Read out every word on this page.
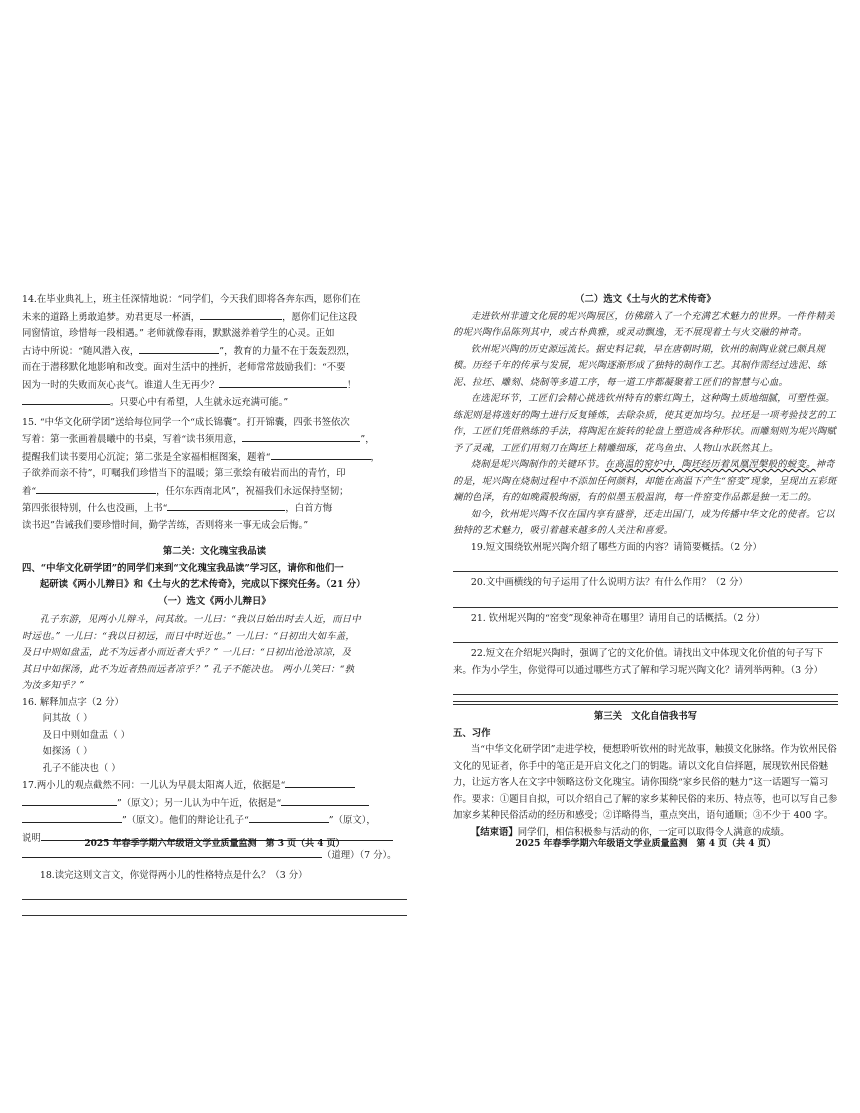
14.在毕业典礼上，班主任深情地说：“同学们，今天我们即将各奔东西，愿你们在

未来的道路上勇敢追梦。劝君更尽一杯酒，	，愿你们记住这段

同窗情谊，珍惜每一段相遇。” 老师就像春雨，默默滋养着学生的心灵。正如

古诗中所说：“随风潜入夜，	”，教育的力量不在于轰轰烈烈，

而在于潜移默化地影响和改变。面对生活中的挫折，老师常常鼓励我们：“不要

因为一时的失败而灰心丧气。谁道人生无再少？	！

。只要心中有希望，人生就永远充满可能。”

15. “中华文化研学团”送给每位同学一个“成长锦囊”。打开锦囊，四张书签依次

写着：第一张画着晨曦中的书桌，写着“读书须用意，	”，

提醒我们读书要用心沉淀；第二张是全家福相框图案，题着“	，

子欲养而亲不待”，叮嘱我们珍惜当下的温暖；第三张绘有破岩而出的青竹，印

着“	，任尔东西南北风”，祝福我们永远保持坚韧；

第四张很特别，什么也没画，上书“	，白首方悔

读书迟”告诫我们要珍惜时间，勤学苦练，否则将来一事无成会后悔。”

第二关：文化瑰宝我品读

四、“中华文化研学团”的同学们来到“文化瑰宝我品读”学习区，请你和他们一

起研读《两小儿辩日》和《土与火的艺术传奇》，完成以下探究任务。（21 分）

（一）选文《两小儿辩日》

孔子东游，见两小儿辩斗，问其故。一儿曰：“我以日始出时去人近，而日中

时远也。” 一儿曰：“我以日初远，而日中时近也。” 一儿曰：“日初出大如车盖，

及日中则如盘盂，此不为远者小而近者大乎？” 一儿曰：“日初出沧沧凉凉，及

其日中如探汤，此不为近者热而远者凉乎？” 孔子不能决也。 两小儿笑曰：“孰

为汝多知乎？”

16. 解释加点字（2 分）

问其故（ ）

及日中则如盘盂（ ）

如探汤（ ）

孔子不能决也（ ）

17.两小儿的观点截然不同：一儿认为早晨太阳离人近，依据是“

”（原文）；另一儿认为中午近，依据是“

”（原文）。他们的辩论让孔子“	”（原文），

说明

（道理）（7 分）。

18.读完这则文言文，你觉得两小儿的性格特点是什么？（3 分）

2025 年春季学期六年级语文学业质量监测　第 3 页（共 4 页）

（二）选文《土与火的艺术传奇》

走进钦州非遗文化展的坭兴陶展区，仿佛踏入了一个充满艺术魅力的世界。一件件精美的坭兴陶作品陈列其中，或古朴典雅，或灵动飘逸，无不展现着土与火交融的神奇。

钦州坭兴陶的历史源远流长。据史料记载，早在唐朝时期，钦州的制陶业就已颇具规模。历经千年的传承与发展，坭兴陶逐渐形成了独特的制作工艺。其制作需经过选泥、练泥、拉坯、雕刻、烧制等多道工序，每一道工序都凝聚着工匠们的智慧与心血。

在选泥环节，工匠们会精心挑选钦州特有的紫红陶土，这种陶土质地细腻，可塑性强。练泥则是将选好的陶土进行反复锤炼，去除杂质，使其更加均匀。拉坯是一项考验技艺的工作，工匠们凭借熟练的手法，将陶泥在旋转的轮盘上塑造成各种形状。而雕刻则为坭兴陶赋予了灵魂，工匠们用刻刀在陶坯上精雕细琢，花鸟鱼虫、人物山水跃然其上。

烧制是坭兴陶制作的关键环节。在高温的窑炉中，陶坯经历着凤凰涅槃般的蜕变。神奇的是，坭兴陶在烧制过程中不添加任何颜料，却能在高温下产生“窑变”现象，呈现出五彩斑斓的色泽，有的如晚霞般绚丽，有的似墨玉般温润，每一件窑变作品都是独一无二的。

如今，钦州坭兴陶不仅在国内享有盛誉，还走出国门，成为传播中华文化的使者。它以独特的艺术魅力，吸引着越来越多的人关注和喜爱。

19.短文围绕钦州坭兴陶介绍了哪些方面的内容？请简要概括。（2 分）

20.文中画横线的句子运用了什么说明方法？有什么作用？（2 分）

21. 钦州坭兴陶的“窑变”现象神奇在哪里？请用自己的话概括。（2 分）

22.短文在介绍坭兴陶时，强调了它的文化价值。请找出文中体现文化价值的句子写下来。作为小学生，你觉得可以通过哪些方式了解和学习坭兴陶文化？请列举两种。（3 分）

第三关　文化自信我书写

五、习作

当“中华文化研学团”走进学校，便想聆听钦州的时光故事，触摸文化脉络。作为钦州民俗文化的见证者，你手中的笔正是开启文化之门的钥匙。请以文化自信择题，展现钦州民俗魅力，让远方客人在文字中领略这份文化瑰宝。请你围绕“家乡民俗的魅力”这一话题写一篇习作。要求：①题目自拟，可以介绍自己了解的家乡某种民俗的来历、特点等，也可以写自己参加家乡某种民俗活动的经历和感受；②详略得当，重点突出，语句通顺；③不少于 400 字。

【结束语】同学们，相信积极参与活动的你，一定可以取得令人满意的成绩。

2025 年春季学期六年级语文学业质量监测　第 4 页（共 4 页）
